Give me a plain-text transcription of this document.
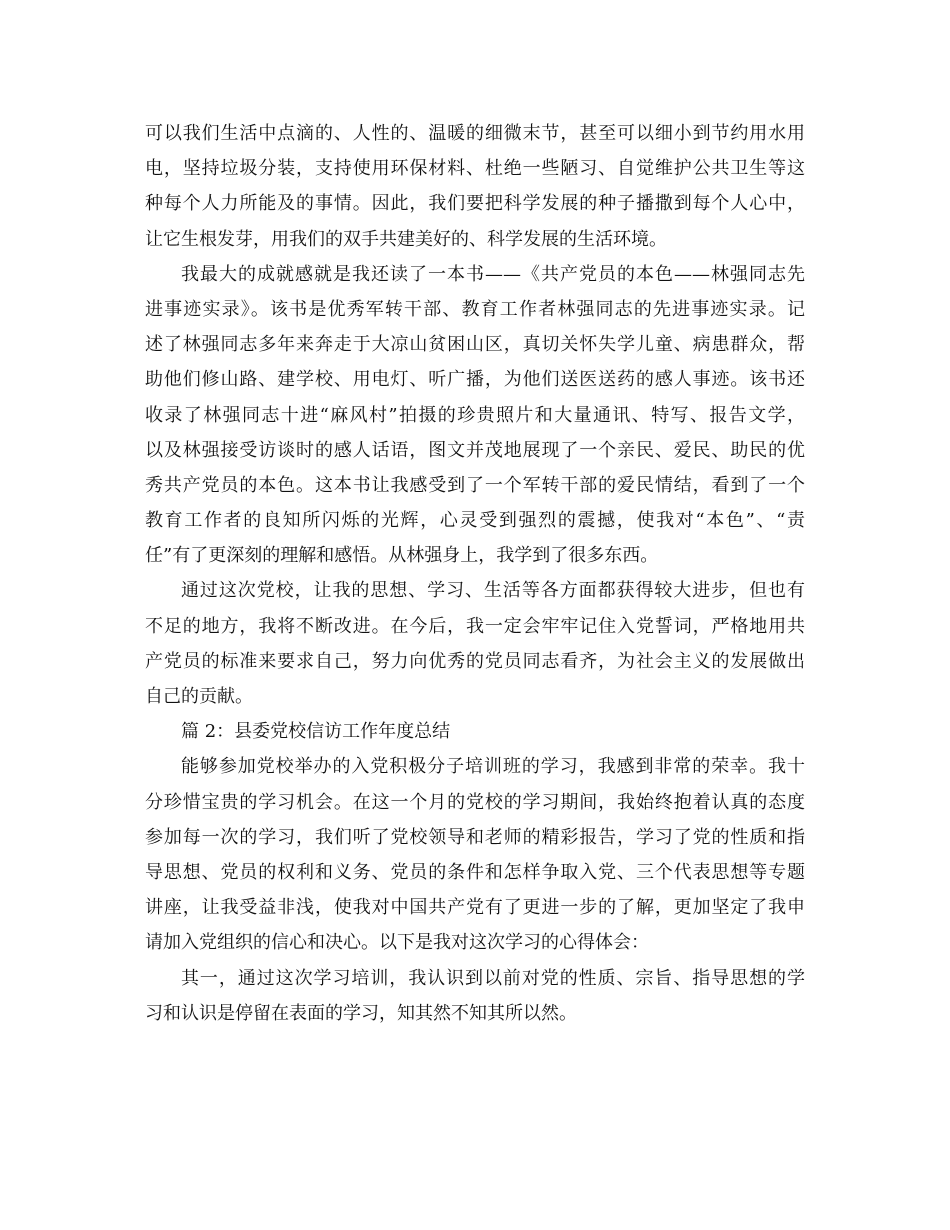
可以我们生活中点滴的、人性的、温暖的细微末节，甚至可以细小到节约用水用
电，坚持垃圾分装，支持使用环保材料、杜绝一些陋习、自觉维护公共卫生等这
种每个人力所能及的事情。因此，我们要把科学发展的种子播撒到每个人心中，
让它生根发芽，用我们的双手共建美好的、科学发展的生活环境。
我最大的成就感就是我还读了一本书——《共产党员的本色——林强同志先
进事迹实录》。该书是优秀军转干部、教育工作者林强同志的先进事迹实录。记
述了林强同志多年来奔走于大凉山贫困山区，真切关怀失学儿童、病患群众，帮
助他们修山路、建学校、用电灯、听广播，为他们送医送药的感人事迹。该书还
收录了林强同志十进“麻风村”拍摄的珍贵照片和大量通讯、特写、报告文学，
以及林强接受访谈时的感人话语，图文并茂地展现了一个亲民、爱民、助民的优
秀共产党员的本色。这本书让我感受到了一个军转干部的爱民情结，看到了一个
教育工作者的良知所闪烁的光辉，心灵受到强烈的震撼，使我对“本色”、“责
任”有了更深刻的理解和感悟。从林强身上，我学到了很多东西。
通过这次党校，让我的思想、学习、生活等各方面都获得较大进步，但也有
不足的地方，我将不断改进。在今后，我一定会牢牢记住入党誓词，严格地用共
产党员的标准来要求自己，努力向优秀的党员同志看齐，为社会主义的发展做出
自己的贡献。
篇 2：县委党校信访工作年度总结
能够参加党校举办的入党积极分子培训班的学习，我感到非常的荣幸。我十
分珍惜宝贵的学习机会。在这一个月的党校的学习期间，我始终抱着认真的态度
参加每一次的学习，我们听了党校领导和老师的精彩报告，学习了党的性质和指
导思想、党员的权利和义务、党员的条件和怎样争取入党、三个代表思想等专题
讲座，让我受益非浅，使我对中国共产党有了更进一步的了解，更加坚定了我申
请加入党组织的信心和决心。以下是我对这次学习的心得体会：
其一，通过这次学习培训，我认识到以前对党的性质、宗旨、指导思想的学
习和认识是停留在表面的学习，知其然不知其所以然。
